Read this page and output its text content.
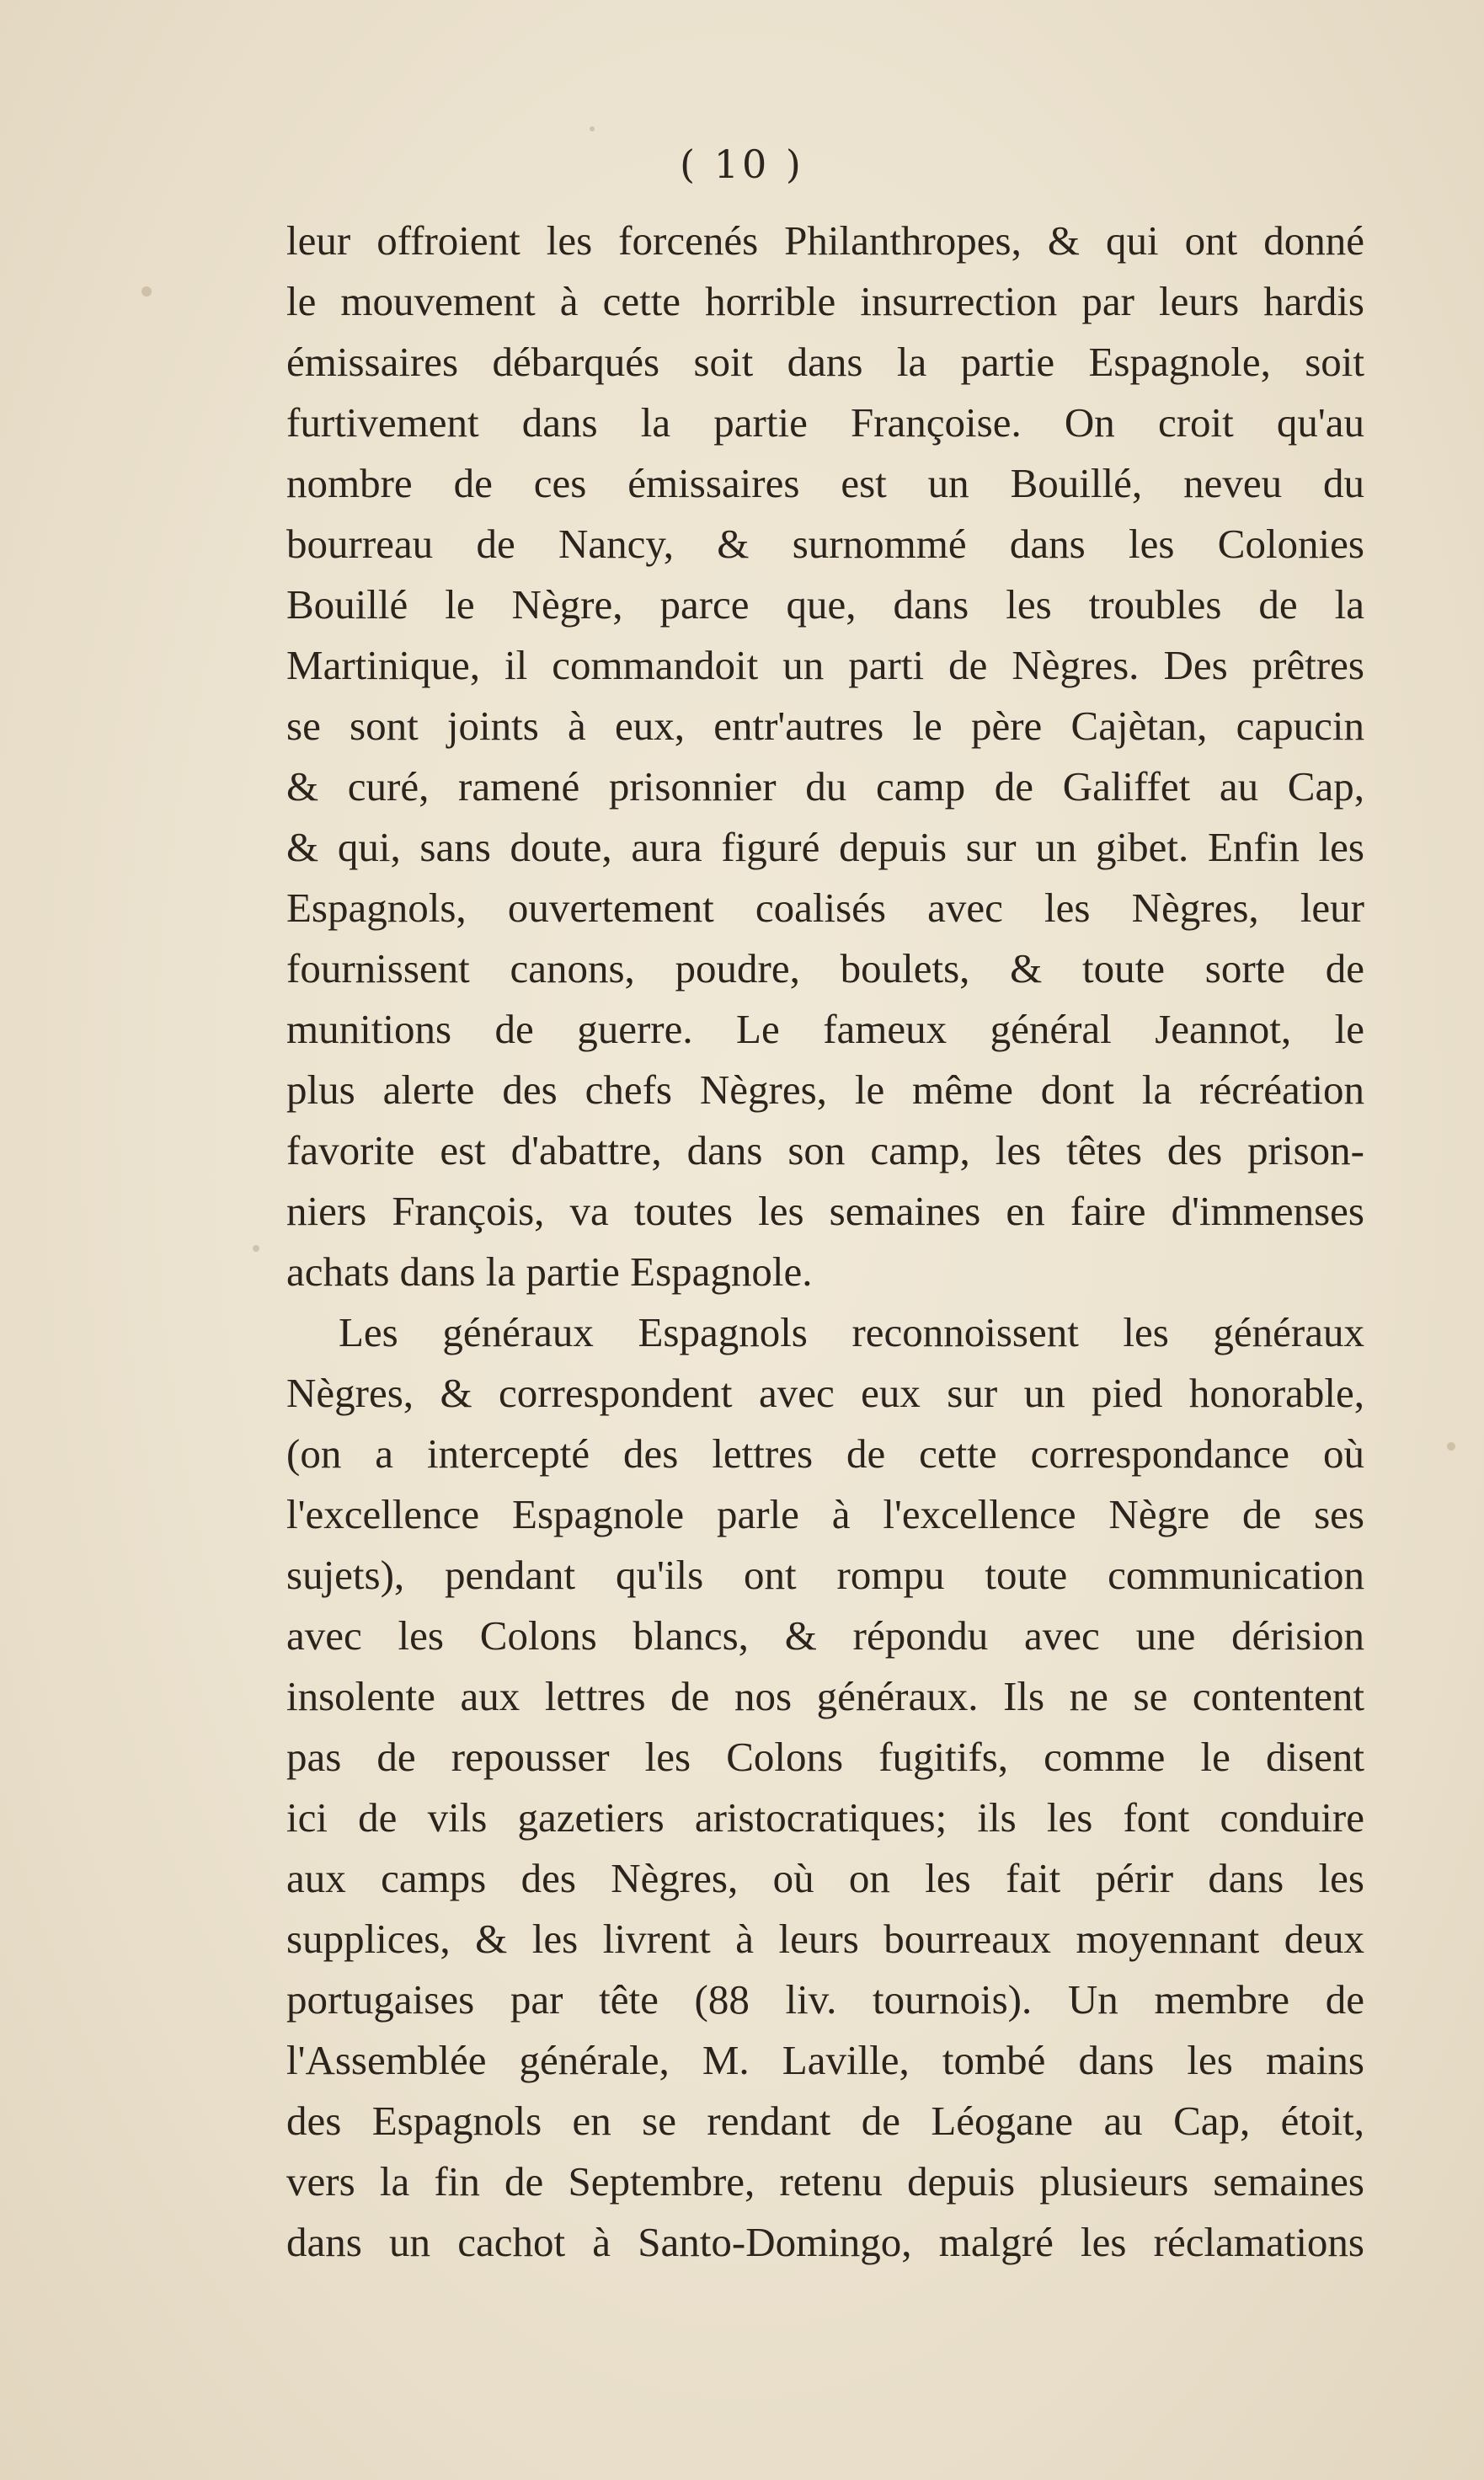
( 10 )
leur offroient les forcenés Philanthropes, & qui ont donné
le mouvement à cette horrible insurrection par leurs hardis
émissaires débarqués soit dans la partie Espagnole, soit
furtivement dans la partie Françoise. On croit qu'au
nombre de ces émissaires est un Bouillé, neveu du
bourreau de Nancy, & surnommé dans les Colonies
Bouillé le Nègre, parce que, dans les troubles de la
Martinique, il commandoit un parti de Nègres. Des prêtres
se sont joints à eux, entr'autres le père Cajètan, capucin
& curé, ramené prisonnier du camp de Galiffet au Cap,
& qui, sans doute, aura figuré depuis sur un gibet. Enfin les
Espagnols, ouvertement coalisés avec les Nègres, leur
fournissent canons, poudre, boulets, & toute sorte de
munitions de guerre. Le fameux général Jeannot, le
plus alerte des chefs Nègres, le même dont la récréation
favorite est d'abattre, dans son camp, les têtes des prison-
niers François, va toutes les semaines en faire d'immenses
achats dans la partie Espagnole.
Les généraux Espagnols reconnoissent les généraux
Nègres, & correspondent avec eux sur un pied honorable,
(on a intercepté des lettres de cette correspondance où
l'excellence Espagnole parle à l'excellence Nègre de ses
sujets), pendant qu'ils ont rompu toute communication
avec les Colons blancs, & répondu avec une dérision
insolente aux lettres de nos généraux. Ils ne se contentent
pas de repousser les Colons fugitifs, comme le disent
ici de vils gazetiers aristocratiques; ils les font conduire
aux camps des Nègres, où on les fait périr dans les
supplices, & les livrent à leurs bourreaux moyennant deux
portugaises par tête (88 liv. tournois). Un membre de
l'Assemblée générale, M. Laville, tombé dans les mains
des Espagnols en se rendant de Léogane au Cap, étoit,
vers la fin de Septembre, retenu depuis plusieurs semaines
dans un cachot à Santo-Domingo, malgré les réclamations
